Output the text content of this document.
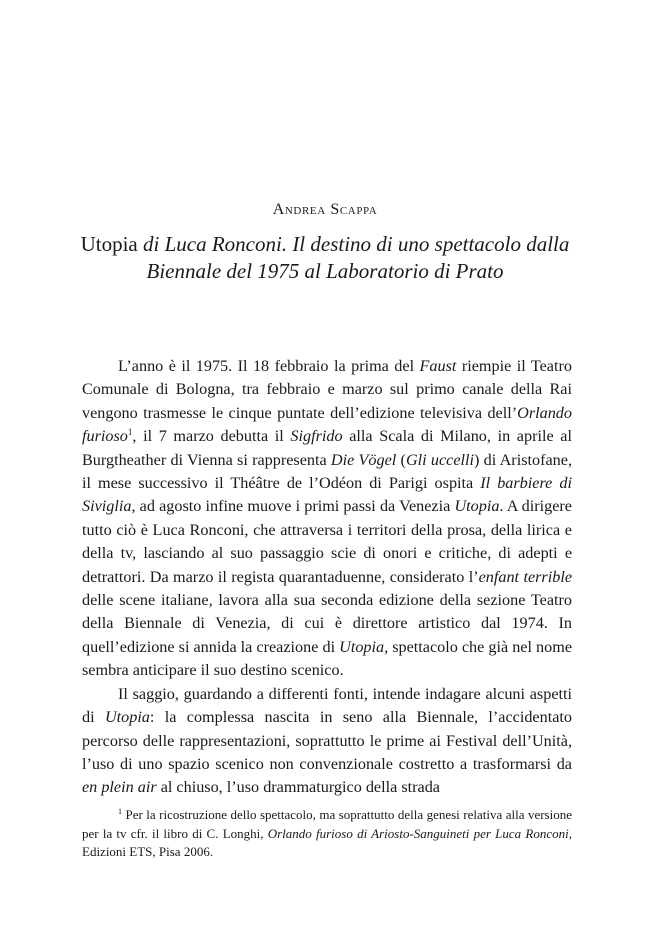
Andrea Scappa
Utopia di Luca Ronconi. Il destino di uno spettacolo dalla Biennale del 1975 al Laboratorio di Prato

L’anno è il 1975. Il 18 febbraio la prima del Faust riempie il Teatro Comunale di Bologna, tra febbraio e marzo sul primo canale della Rai vengono trasmesse le cinque puntate dell’edizione televisiva dell’Orlando furioso$^1$, il 7 marzo debutta il Sigfrido alla Scala di Milano, in aprile al Burgtheather di Vienna si rappresenta Die Vögel (Gli uccelli) di Aristofane, il mese successivo il Théâtre de l’Odéon di Parigi ospita Il barbiere di Siviglia, ad agosto infine muove i primi passi da Venezia Utopia. A dirigere tutto ciò è Luca Ronconi, che attraversa i territori della prosa, della lirica e della tv, lasciando al suo passaggio scie di onori e critiche, di adepti e detrattori. Da marzo il regista quarantaduenne, considerato l’enfant terrible delle scene italiane, lavora alla sua seconda edizione della sezione Teatro della Biennale di Venezia, di cui è direttore artistico dal 1974. In quell’edizione si annida la creazione di Utopia, spettacolo che già nel nome sembra anticipare il suo destino scenico.

Il saggio, guardando a differenti fonti, intende indagare alcuni aspetti di Utopia: la complessa nascita in seno alla Biennale, l’accidentato percorso delle rappresentazioni, soprattutto le prime ai Festival dell’Unità, l’uso di uno spazio scenico non convenzionale costretto a trasformarsi da en plein air al chiuso, l’uso drammaturgico della strada

$^1$ Per la ricostruzione dello spettacolo, ma soprattutto della genesi relativa alla versione per la tv cfr. il libro di C. Longhi, Orlando furioso di Ariosto-Sanguineti per Luca Ronconi, Edizioni ETS, Pisa 2006.
